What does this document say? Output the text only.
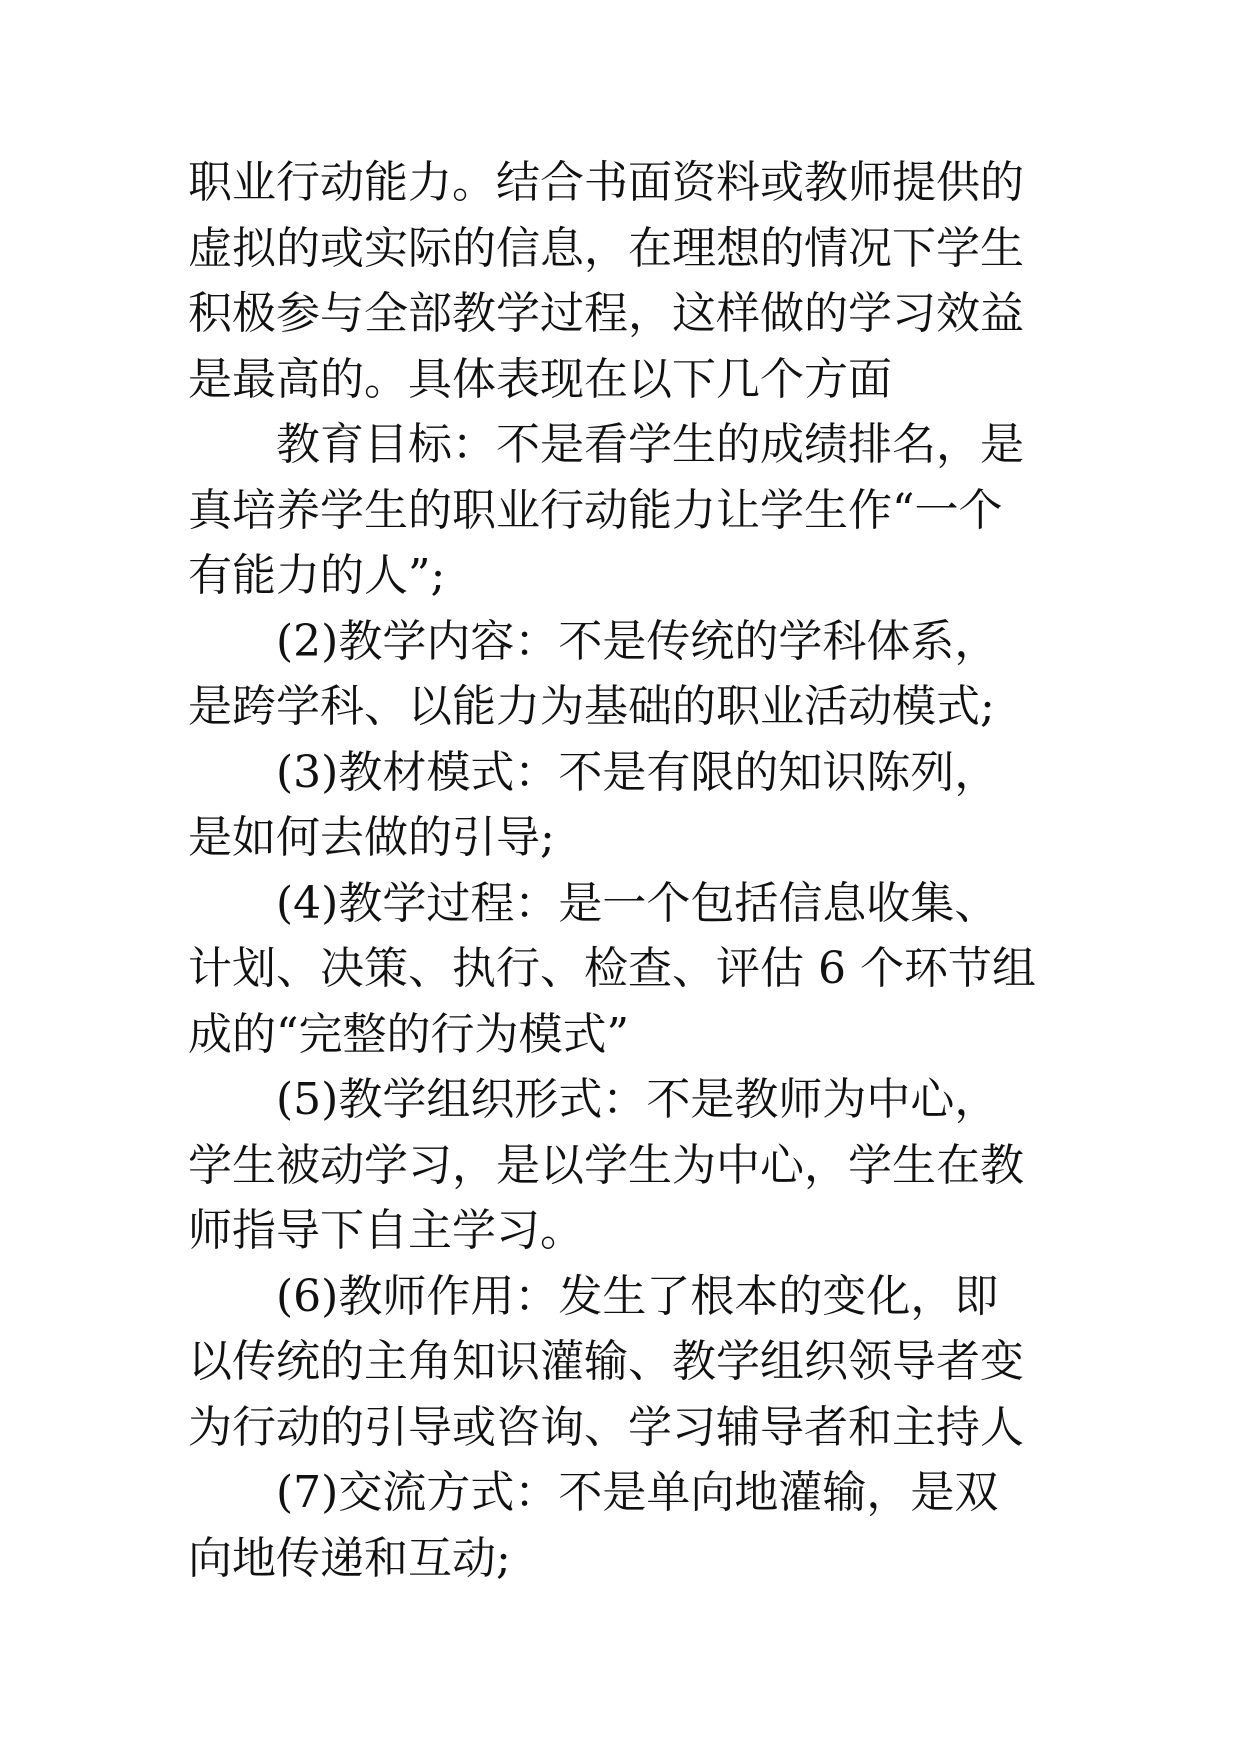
职业行动能力。结合书面资料或教师提供的
虚拟的或实际的信息，在理想的情况下学生
积极参与全部教学过程，这样做的学习效益
是最高的。具体表现在以下几个方面
教育目标：不是看学生的成绩排名，是
真培养学生的职业行动能力让学生作“一个
有能力的人”;
(2)教学内容：不是传统的学科体系，
是跨学科、以能力为基础的职业活动模式;
(3)教材模式：不是有限的知识陈列，
是如何去做的引导;
(4)教学过程：是一个包括信息收集、
计划、决策、执行、检查、评估 6 个环节组
成的“完整的行为模式”
(5)教学组织形式：不是教师为中心，
学生被动学习，是以学生为中心，学生在教
师指导下自主学习。
(6)教师作用：发生了根本的变化，即
以传统的主角知识灌输、教学组织领导者变
为行动的引导或咨询、学习辅导者和主持人
(7)交流方式：不是单向地灌输，是双
向地传递和互动;
